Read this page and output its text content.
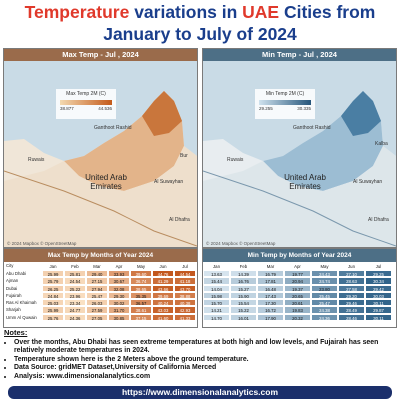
Temperature variations in UAE Cities from January to July of 2024
Max Temp - Jul , 2024
Max Temp 2M (C)
38.877	44.536
Ganthoot Rashid
Ruwais
United Arab Emirates	Al Suwayhan
Al Dhafra
Bur
© 2024 Mapbox © OpenStreetMap
Min Temp - Jul , 2024
Min Temp 2M (C)
29.255	30.335
Ganthoot Rashid
Ruwais
United Arab Emirates	Al Suwayhan
Al Dhafra
Kalba
© 2024 Mapbox © OpenStreetMap
Max Temp by Months of Year 2024
City	Jan	Feb	Mar	Apr	May	Jun	Jul
Abu Dhabi	25.99	25.81	29.40	33.93	39.60	44.76	44.54
Ajman	25.79	24.54	27.15	30.67	36.74	41.29	41.18
Dubai	26.25	25.22	27.94	32.08	38.65	43.66	43.70
Fujairah	24.84	23.96	25.47	29.30	35.35	39.69	38.88
Ras Al Khaimah	25.03	23.34	26.03	30.02	36.57	40.24	40.38
Sharjah	25.99	24.77	27.59	31.70	38.61	43.03	42.93
Umm Al Quwain	25.76	24.36	27.05	30.85	37.15	41.60	41.33
Min Temp by Months of Year 2024
Jan	Feb	Mar	Apr	May	Jun	Jul
13.63	14.39	16.79	19.77	24.43	27.10	29.25
15.44	16.76	17.81	20.94	24.74	28.63	30.34
14.04	15.27	16.48	19.37	23.80	27.58	29.42
15.98	15.90	17.43	20.65	25.45	29.20	30.03
15.70	15.54	17.30	20.61	25.47	29.46	30.11
14.21	15.22	16.72	19.83	24.38	28.49	29.87
14.70	16.01	17.90	20.32	24.36	28.46	30.11
Notes:
• Over the months, Abu Dhabi has seen extreme temperatures at both high and low levels, and Fujairah has seen relatively moderate temperatures in 2024.
• Temperature shown here is the 2 Meters above the ground temperature.
• Data Source: gridMET Dataset,University of California Merced
• Analysis: www.dimensionalanalytics.com
https://www.dimensionalanalytics.com
